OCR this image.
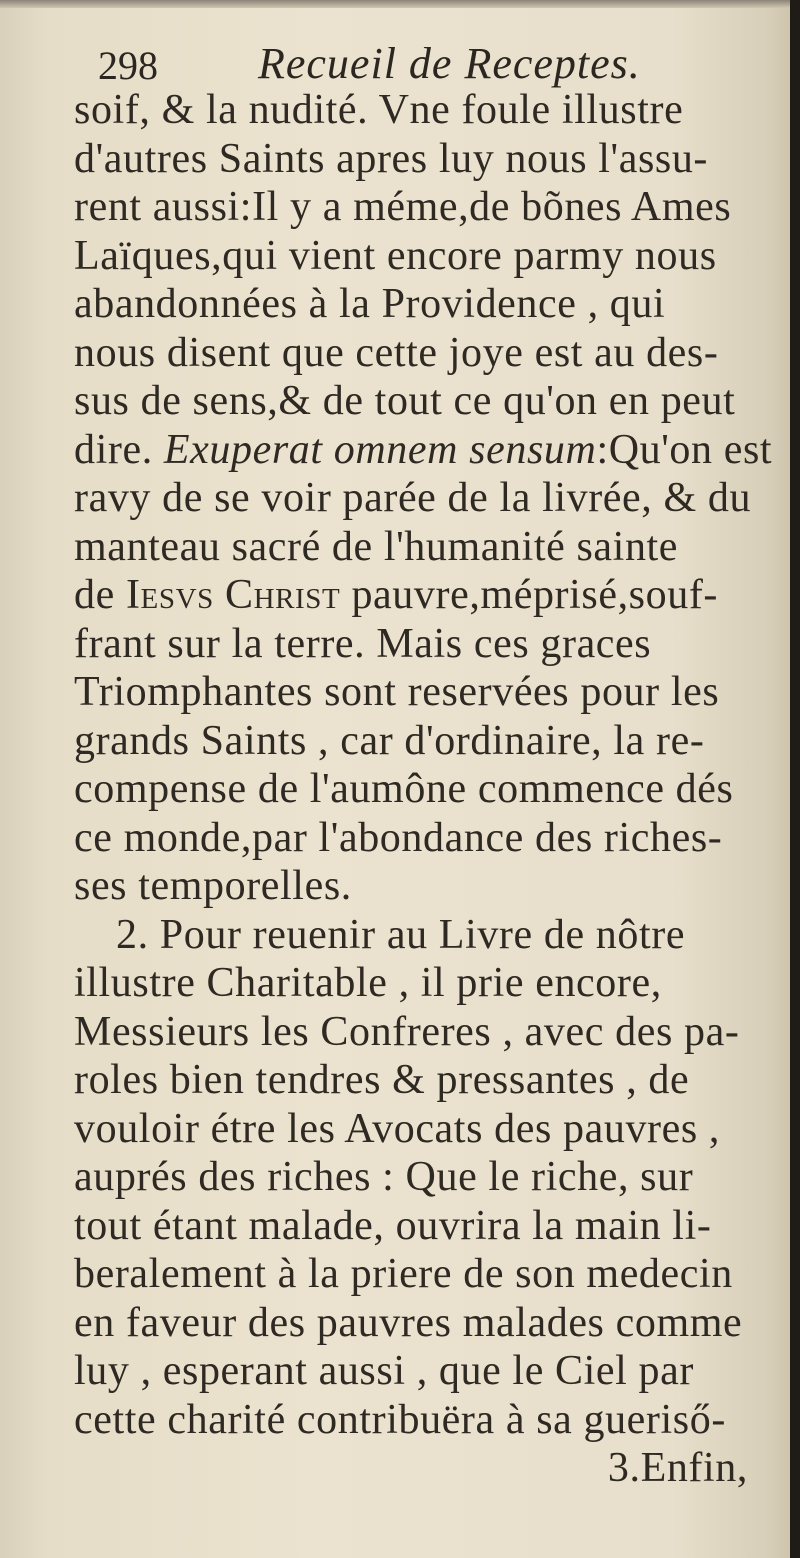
298 Recueil de Receptes.
soif, & la nudité. Vne foule illustre
d'autres Saints apres luy nous l'assu-
rent aussi:Il y a méme,de bõnes Ames
Laïques,qui vient encore parmy nous
abandonnées à la Providence , qui
nous disent que cette joye est au des-
sus de sens,& de tout ce qu'on en peut
dire. Exuperat omnem sensum:Qu'on est
ravy de se voir parée de la livrée, & du
manteau sacré de l'humanité sainte
de Iesvs Christ pauvre,méprisé,souf-
frant sur la terre. Mais ces graces
Triomphantes sont reservées pour les
grands Saints , car d'ordinaire, la re-
compense de l'aumône commence dés
ce monde,par l'abondance des riches-
ses temporelles.
2. Pour reuenir au Livre de nôtre
illustre Charitable , il prie encore,
Messieurs les Confreres , avec des pa-
roles bien tendres & pressantes , de
vouloir étre les Avocats des pauvres ,
auprés des riches : Que le riche, sur
tout étant malade, ouvrira la main li-
beralement à la priere de son medecin
en faveur des pauvres malades comme
luy , esperant aussi , que le Ciel par
cette charité contribuëra à sa gueriső-
3.Enfin,
